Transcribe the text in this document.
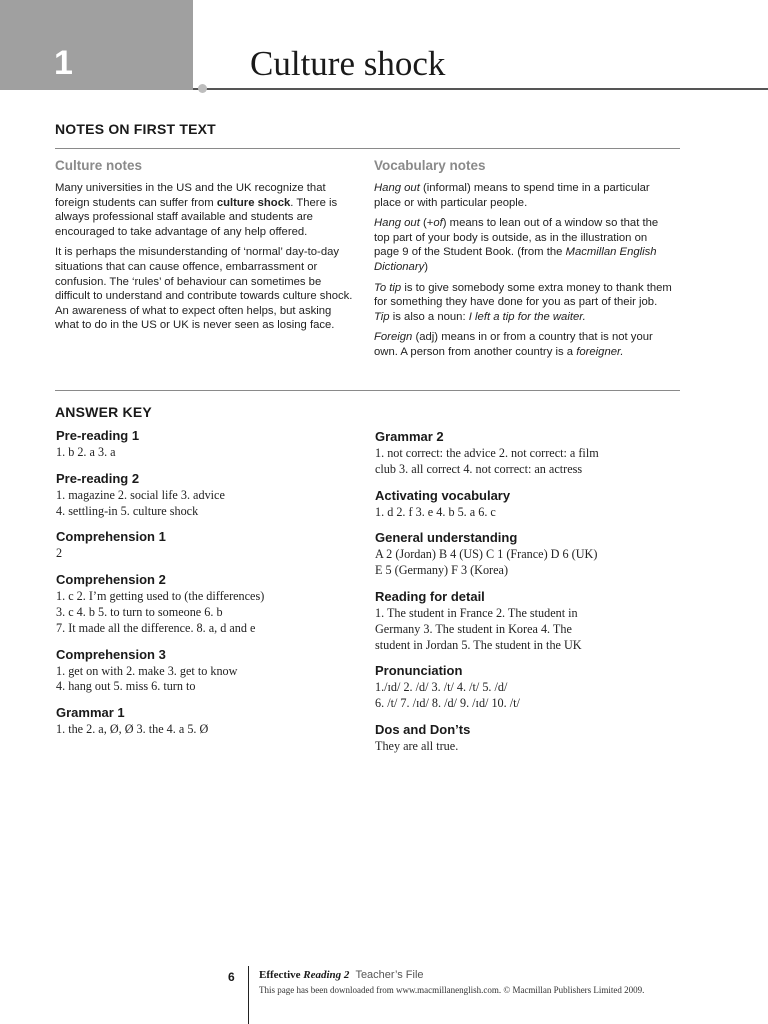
1	Culture shock
NOTES ON FIRST TEXT
Culture notes	Vocabulary notes

Many universities in the US and the UK recognize that foreign students can suffer from culture shock. There is always professional staff available and students are encouraged to take advantage of any help offered.

It is perhaps the misunderstanding of ‘normal’ day-to-day situations that can cause offence, embarrassment or confusion. The ‘rules’ of behaviour can sometimes be difficult to understand and contribute towards culture shock. An awareness of what to expect often helps, but asking what to do in the US or UK is never seen as losing face.

Hang out (informal) means to spend time in a particular place or with particular people.

Hang out (+of) means to lean out of a window so that the top part of your body is outside, as in the illustration on page 9 of the Student Book. (from the Macmillan English Dictionary)

To tip is to give somebody some extra money to thank them for something they have done for you as part of their job. Tip is also a noun: I left a tip for the waiter.

Foreign (adj) means in or from a country that is not your own. A person from another country is a foreigner.

ANSWER KEY
Pre-reading 1
1. b 2. a 3. a
Pre-reading 2
1. magazine 2. social life 3. advice
4. settling-in 5. culture shock
Comprehension 1
2
Comprehension 2
1. c 2. I’m getting used to (the differences)
3. c 4. b 5. to turn to someone 6. b
7. It made all the difference. 8. a, d and e
Comprehension 3
1. get on with 2. make 3. get to know
4. hang out 5. miss 6. turn to
Grammar 1
1. the 2. a, Ø, Ø 3. the 4. a 5. Ø
Grammar 2
1. not correct: the advice 2. not correct: a film
club 3. all correct 4. not correct: an actress
Activating vocabulary
1. d 2. f 3. e 4. b 5. a 6. c
General understanding
A 2 (Jordan) B 4 (US) C 1 (France) D 6 (UK)
E 5 (Germany) F 3 (Korea)
Reading for detail
1. The student in France 2. The student in
Germany 3. The student in Korea 4. The
student in Jordan 5. The student in the UK
Pronunciation
1./ɪd/ 2. /d/ 3. /t/ 4. /t/ 5. /d/
6. /t/ 7. /ɪd/ 8. /d/ 9. /ɪd/ 10. /t/
Dos and Don’ts
They are all true.
6 Effective Reading 2 Teacher’s File
This page has been downloaded from www.macmillanenglish.com. © Macmillan Publishers Limited 2009.
